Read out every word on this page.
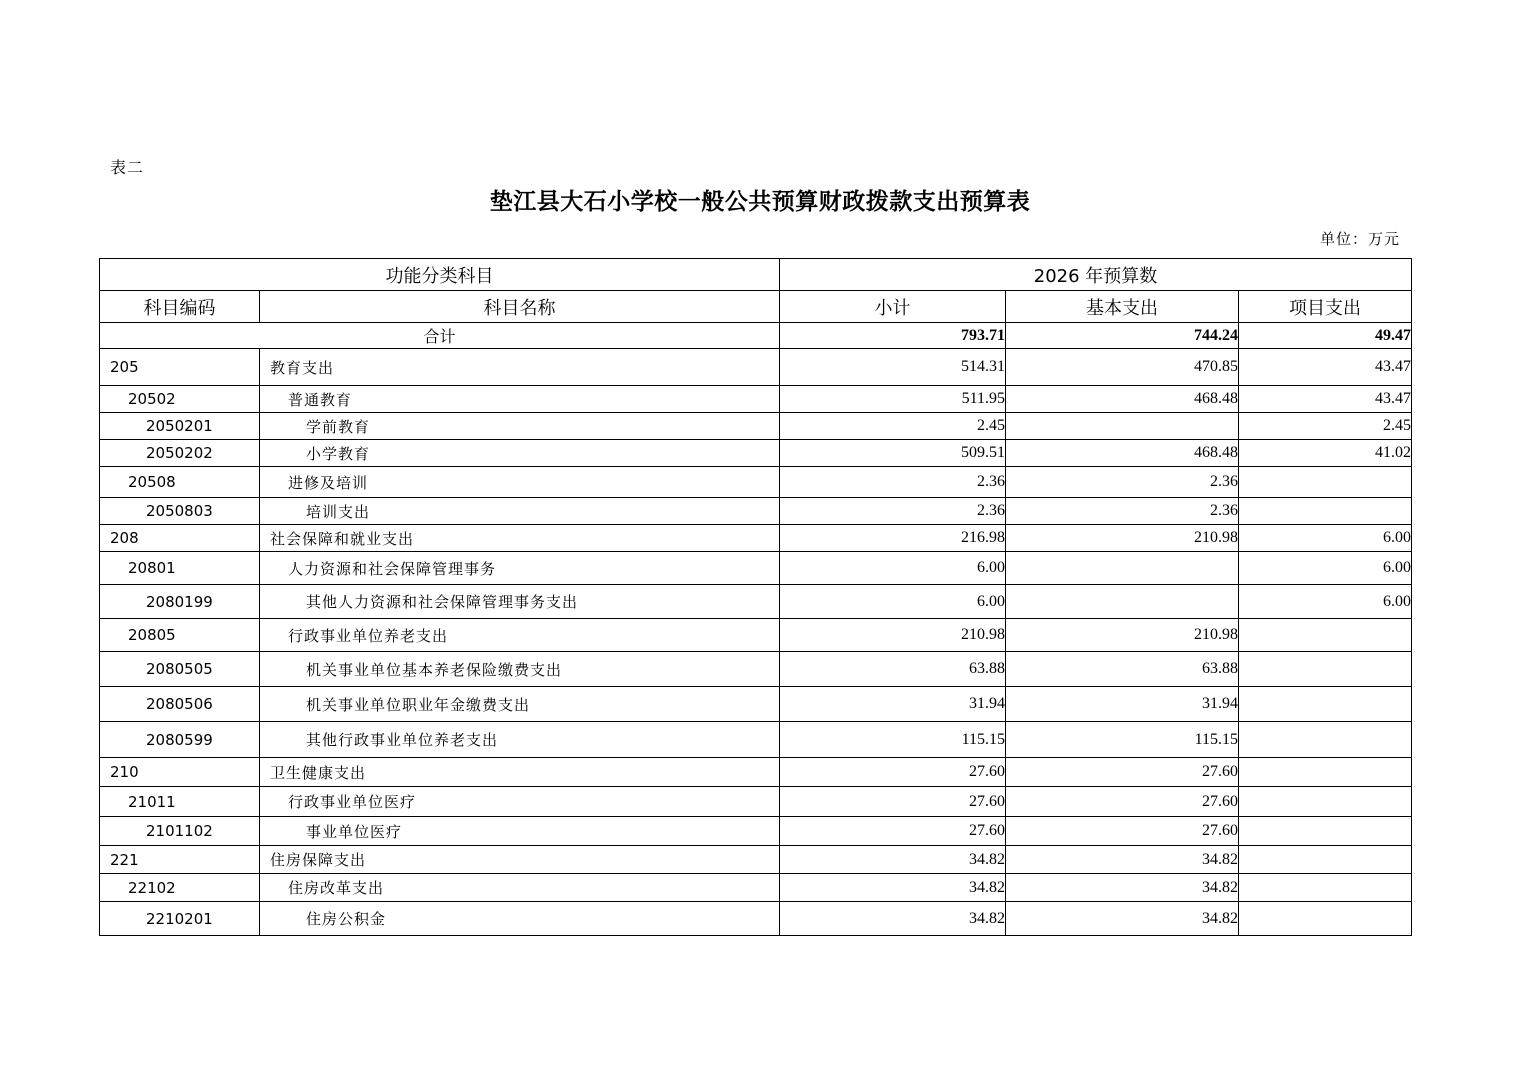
表二
垫江县大石小学校一般公共预算财政拨款支出预算表
单位：万元
功能分类科目		2026 年预算数		
科目编码	科目名称	小计	基本支出	项目支出
合计		793.71	744.24	49.47
205	教育支出	514.31	470.85	43.47
20502	普通教育	511.95	468.48	43.47
2050201	学前教育	2.45		2.45
2050202	小学教育	509.51	468.48	41.02
20508	进修及培训	2.36	2.36	
2050803	培训支出	2.36	2.36	
208	社会保障和就业支出	216.98	210.98	6.00
20801	人力资源和社会保障管理事务	6.00		6.00
2080199	其他人力资源和社会保障管理事务支出	6.00		6.00
20805	行政事业单位养老支出	210.98	210.98	
2080505	机关事业单位基本养老保险缴费支出	63.88	63.88	
2080506	机关事业单位职业年金缴费支出	31.94	31.94	
2080599	其他行政事业单位养老支出	115.15	115.15	
210	卫生健康支出	27.60	27.60	
21011	行政事业单位医疗	27.60	27.60	
2101102	事业单位医疗	27.60	27.60	
221	住房保障支出	34.82	34.82	
22102	住房改革支出	34.82	34.82	
2210201	住房公积金	34.82	34.82	
